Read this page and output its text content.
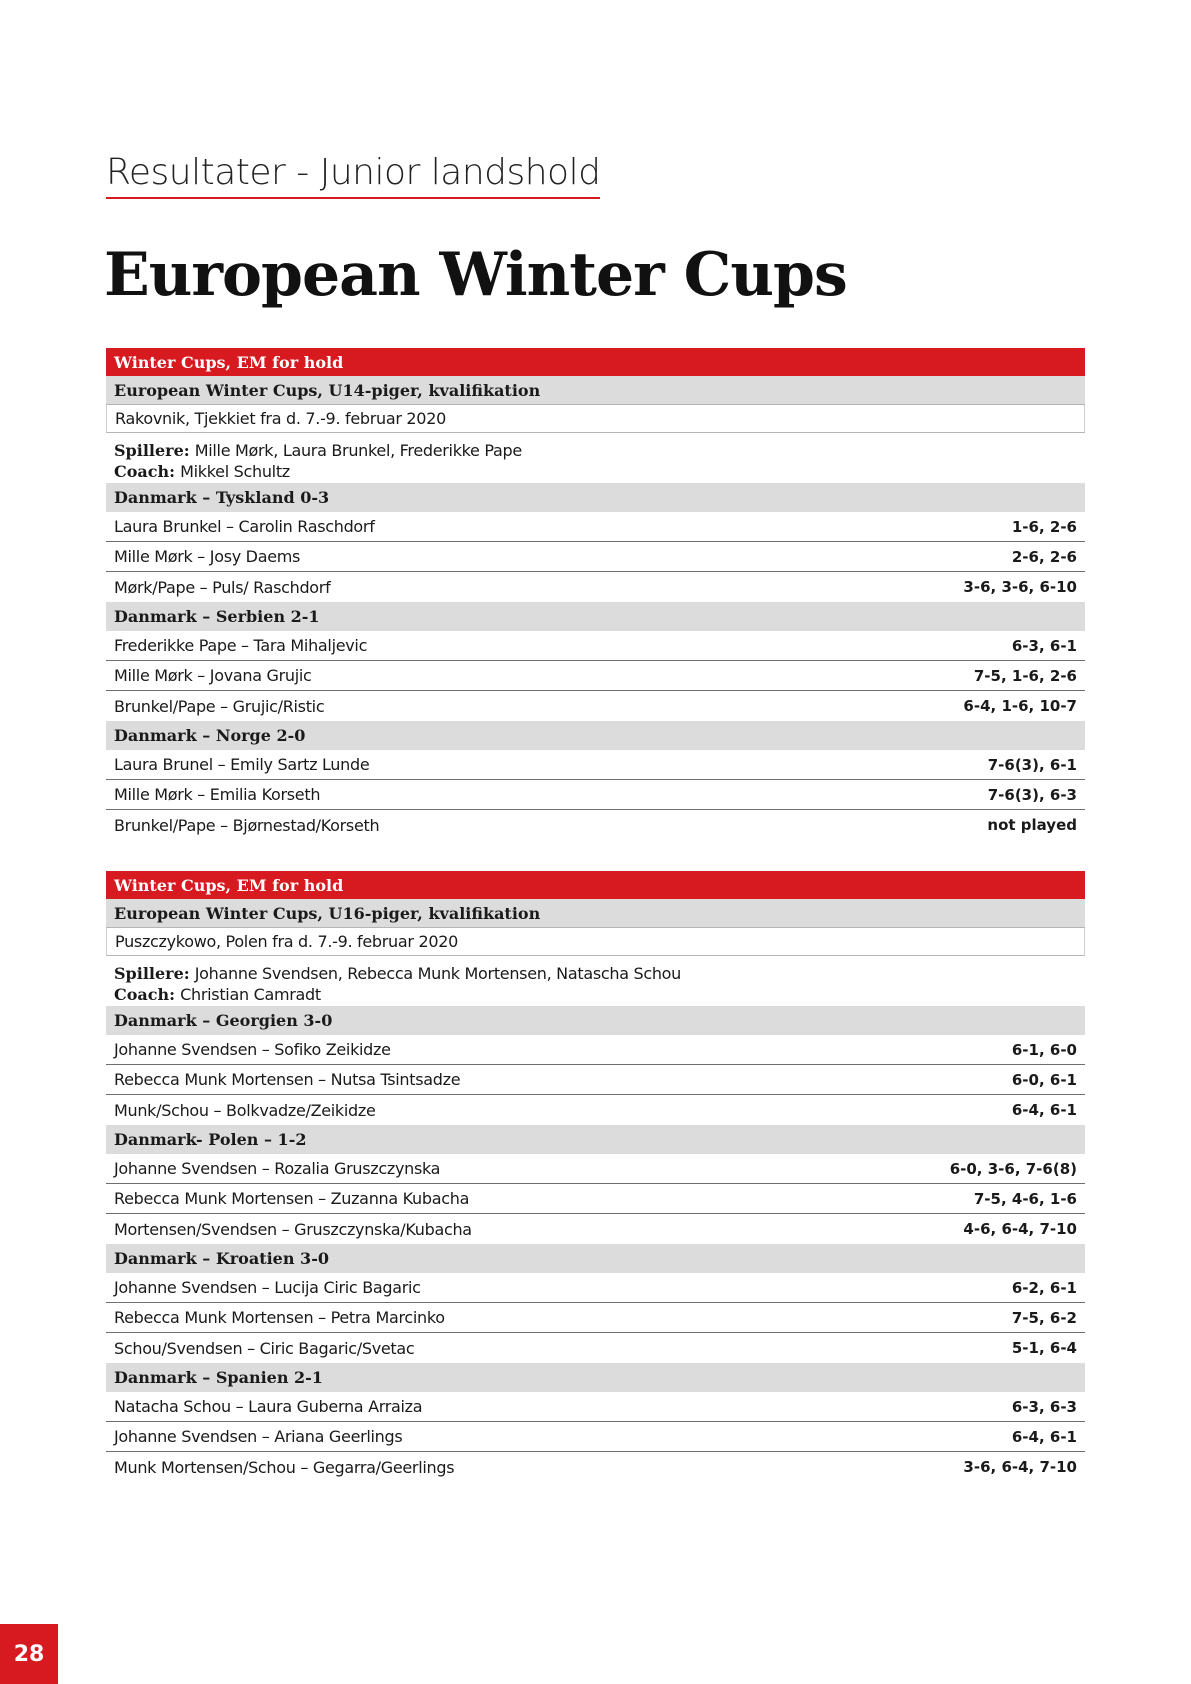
Resultater - Junior landshold
European Winter Cups
Winter Cups, EM for hold
European Winter Cups, U14-piger, kvalifikation
Rakovnik, Tjekkiet fra d. 7.-9. februar 2020
Spillere: Mille Mørk, Laura Brunkel, Frederikke Pape
Coach: Mikkel Schultz
Danmark – Tyskland 0-3
Laura Brunkel – Carolin Raschdorf	1-6, 2-6
Mille Mørk – Josy Daems	2-6, 2-6
Mørk/Pape – Puls/ Raschdorf	3-6, 3-6, 6-10
Danmark – Serbien 2-1
Frederikke Pape – Tara Mihaljevic	6-3, 6-1
Mille Mørk – Jovana Grujic	7-5, 1-6, 2-6
Brunkel/Pape – Grujic/Ristic	6-4, 1-6, 10-7
Danmark – Norge 2-0
Laura Brunel – Emily Sartz Lunde	7-6(3), 6-1
Mille Mørk – Emilia Korseth	7-6(3), 6-3
Brunkel/Pape – Bjørnestad/Korseth	not played
Winter Cups, EM for hold
European Winter Cups, U16-piger, kvalifikation
Puszczykowo, Polen fra d. 7.-9. februar 2020
Spillere: Johanne Svendsen, Rebecca Munk Mortensen, Natascha Schou
Coach: Christian Camradt
Danmark – Georgien 3-0
Johanne Svendsen – Sofiko Zeikidze	6-1, 6-0
Rebecca Munk Mortensen – Nutsa Tsintsadze	6-0, 6-1
Munk/Schou – Bolkvadze/Zeikidze	6-4, 6-1
Danmark- Polen – 1-2
Johanne Svendsen – Rozalia Gruszczynska	6-0, 3-6, 7-6(8)
Rebecca Munk Mortensen – Zuzanna Kubacha	7-5, 4-6, 1-6
Mortensen/Svendsen – Gruszczynska/Kubacha	4-6, 6-4, 7-10
Danmark – Kroatien 3-0
Johanne Svendsen – Lucija Ciric Bagaric	6-2, 6-1
Rebecca Munk Mortensen – Petra Marcinko	7-5, 6-2
Schou/Svendsen – Ciric Bagaric/Svetac	5-1, 6-4
Danmark – Spanien 2-1
Natacha Schou – Laura Guberna Arraiza	6-3, 6-3
Johanne Svendsen – Ariana Geerlings	6-4, 6-1
Munk Mortensen/Schou – Gegarra/Geerlings	3-6, 6-4, 7-10
28
